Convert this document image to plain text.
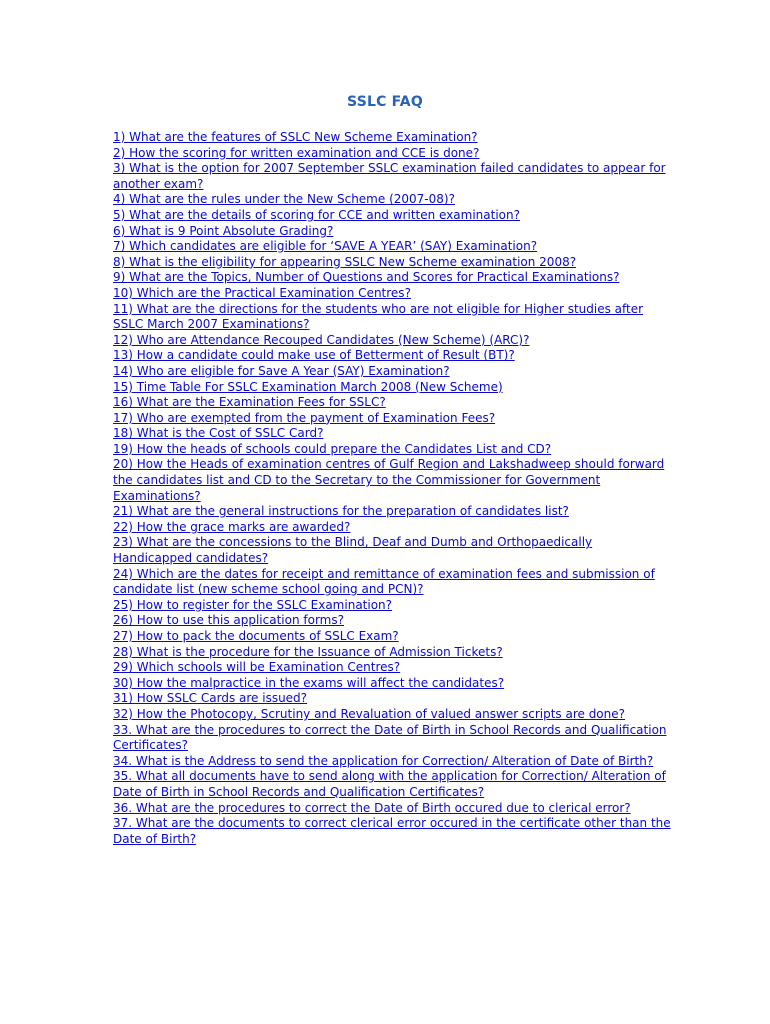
SSLC FAQ
1) What are the features of SSLC New Scheme Examination?
2) How the scoring for written examination and CCE is done?
3) What is the option for 2007 September SSLC examination failed candidates to appear for another exam?
4) What are the rules under the New Scheme (2007-08)?
5) What are the details of scoring for CCE and written examination?
6) What is 9 Point Absolute Grading?
7) Which candidates are eligible for ‘SAVE A YEAR’ (SAY) Examination?
8) What is the eligibility for appearing SSLC New Scheme examination 2008?
9) What are the Topics, Number of Questions and Scores for Practical Examinations?
10) Which are the Practical Examination Centres?
11) What are the directions for the students who are not eligible for Higher studies after SSLC March 2007 Examinations?
12) Who are Attendance Recouped Candidates (New Scheme) (ARC)?
13) How a candidate could make use of Betterment of Result (BT)?
14) Who are eligible for Save A Year (SAY) Examination?
15) Time Table For SSLC Examination March 2008 (New Scheme)
16) What are the Examination Fees for SSLC?
17) Who are exempted from the payment of Examination Fees?
18) What is the Cost of SSLC Card?
19) How the heads of schools could prepare the Candidates List and CD?
20) How the Heads of examination centres of Gulf Region and Lakshadweep should forward the candidates list and CD to the Secretary to the Commissioner for Government Examinations?
21) What are the general instructions for the preparation of candidates list?
22) How the grace marks are awarded?
23) What are the concessions to the Blind, Deaf and Dumb and Orthopaedically Handicapped candidates?
24) Which are the dates for receipt and remittance of examination fees and submission of candidate list (new scheme school going and PCN)?
25) How to register for the SSLC Examination?
26) How to use this application forms?
27) How to pack the documents of SSLC Exam?
28) What is the procedure for the Issuance of Admission Tickets?
29) Which schools will be Examination Centres?
30) How the malpractice in the exams will affect the candidates?
31) How SSLC Cards are issued?
32) How the Photocopy, Scrutiny and Revaluation of valued answer scripts are done?
33. What are the procedures to correct the Date of Birth in School Records and Qualification Certificates?
34. What is the Address to send the application for Correction/ Alteration of Date of Birth?
35. What all documents have to send along with the application for Correction/ Alteration of Date of Birth in School Records and Qualification Certificates?
36. What are the procedures to correct the Date of Birth occured due to clerical error?
37. What are the documents to correct clerical error occured in the certificate other than the Date of Birth?
